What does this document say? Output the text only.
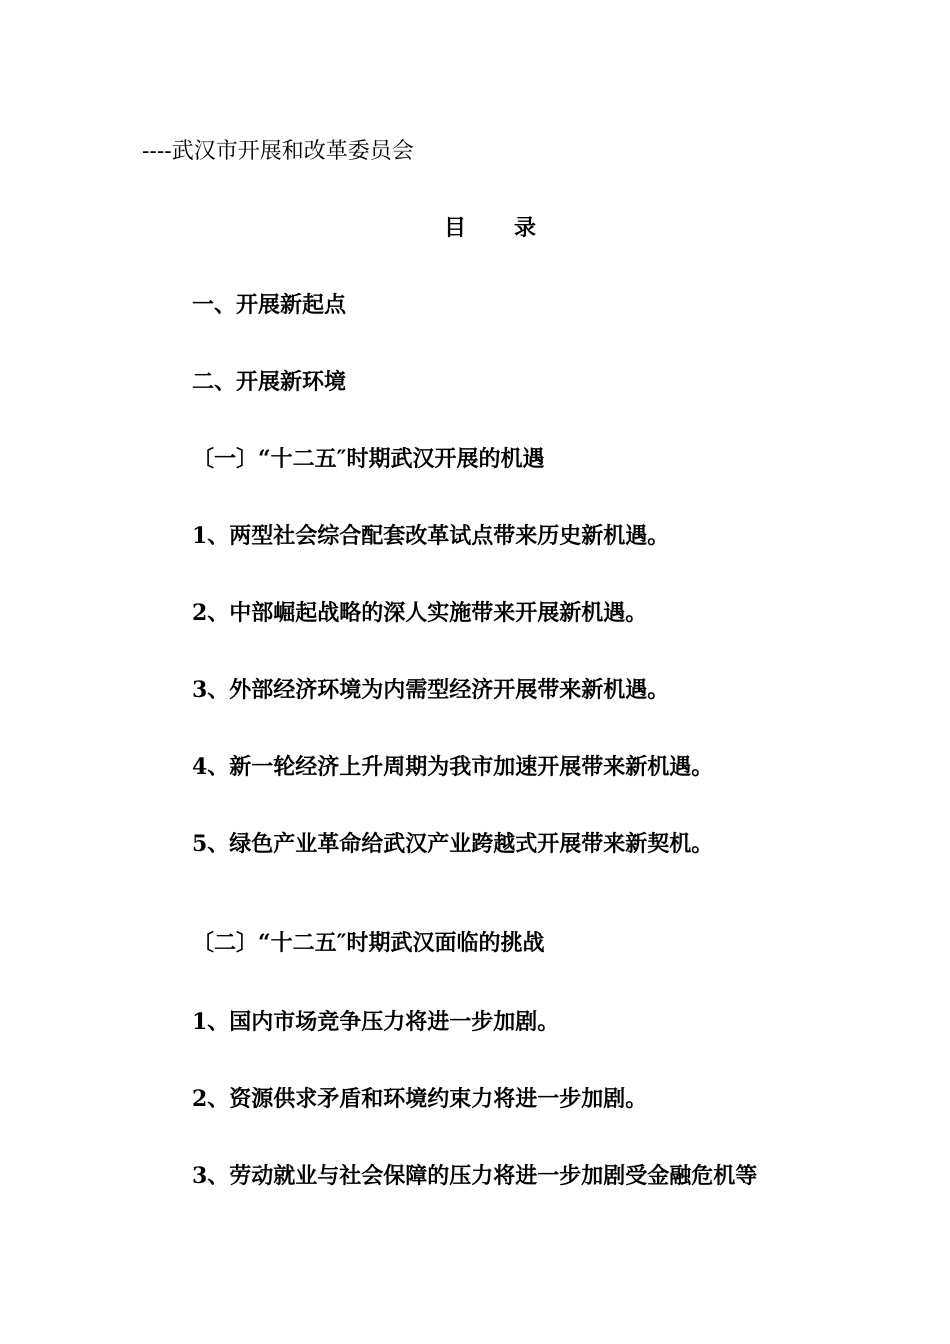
----武汉市开展和改革委员会
目 录
一、开展新起点
二、开展新环境
〔一〕“十二五″时期武汉开展的机遇
1、两型社会综合配套改革试点带来历史新机遇。
2、中部崛起战略的深人实施带来开展新机遇。
3、外部经济环境为内需型经济开展带来新机遇。
4、新一轮经济上升周期为我市加速开展带来新机遇。
5、绿色产业革命给武汉产业跨越式开展带来新契机。
〔二〕“十二五″时期武汉面临的挑战
1、国内市场竞争压力将进一步加剧。
2、资源供求矛盾和环境约束力将进一步加剧。
3、劳动就业与社会保障的压力将进一步加剧受金融危机等
